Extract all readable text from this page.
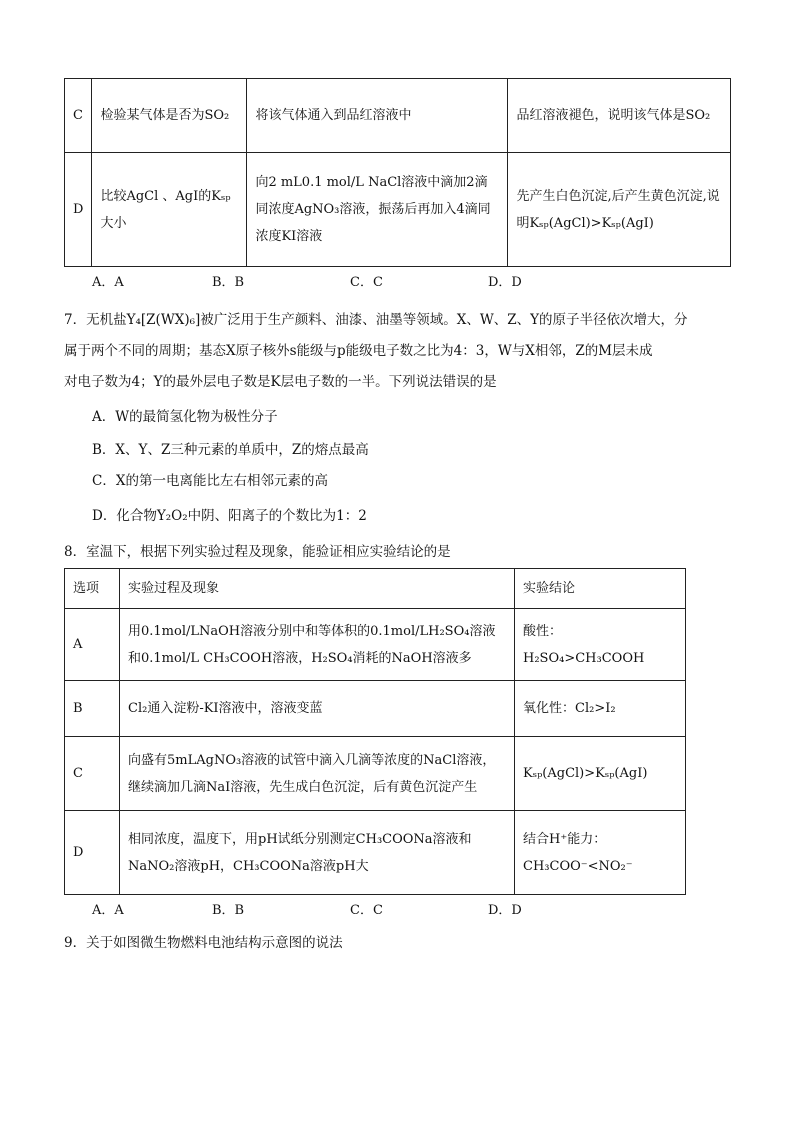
C	检验某气体是否为SO₂	将该气体通入到品红溶液中	品红溶液褪色，说明该气体是SO₂
D	比较AgCl 、AgI的Kₛₚ大小	向2 mL0.1 mol/L NaCl溶液中滴加2滴同浓度AgNO₃溶液，振荡后再加入4滴同浓度KI溶液	先产生白色沉淀,后产生黄色沉淀,说明Kₛₚ(AgCl)>Kₛₚ(AgI)
A．A	B．B	C．C	D．D
7．无机盐Y₄[Z(WX)₆]被广泛用于生产颜料、油漆、油墨等领域。X、W、Z、Y的原子半径依次增大，分
属于两个不同的周期；基态X原子核外s能级与p能级电子数之比为4：3，W与X相邻，Z的M层未成
对电子数为4；Y的最外层电子数是K层电子数的一半。下列说法错误的是
A．W的最简氢化物为极性分子
B．X、Y、Z三种元素的单质中，Z的熔点最高
C．X的第一电离能比左右相邻元素的高
D．化合物Y₂O₂中阴、阳离子的个数比为1：2
8．室温下，根据下列实验过程及现象，能验证相应实验结论的是
选项	实验过程及现象	实验结论
A	用0.1mol/LNaOH溶液分别中和等体积的0.1mol/LH₂SO₄溶液和0.1mol/L CH₃COOH溶液，H₂SO₄消耗的NaOH溶液多	酸性：H₂SO₄>CH₃COOH
B	Cl₂通入淀粉-KI溶液中，溶液变蓝	氧化性：Cl₂>I₂
C	向盛有5mLAgNO₃溶液的试管中滴入几滴等浓度的NaCl溶液，继续滴加几滴NaI溶液，先生成白色沉淀，后有黄色沉淀产生	Kₛₚ(AgCl)>Kₛₚ(AgI)
D	相同浓度，温度下，用pH试纸分别测定CH₃COONa溶液和NaNO₂溶液pH，CH₃COONa溶液pH大	结合H⁺能力：CH₃COO⁻<NO₂⁻
A．A	B．B	C．C	D．D
9．关于如图微生物燃料电池结构示意图的说法
